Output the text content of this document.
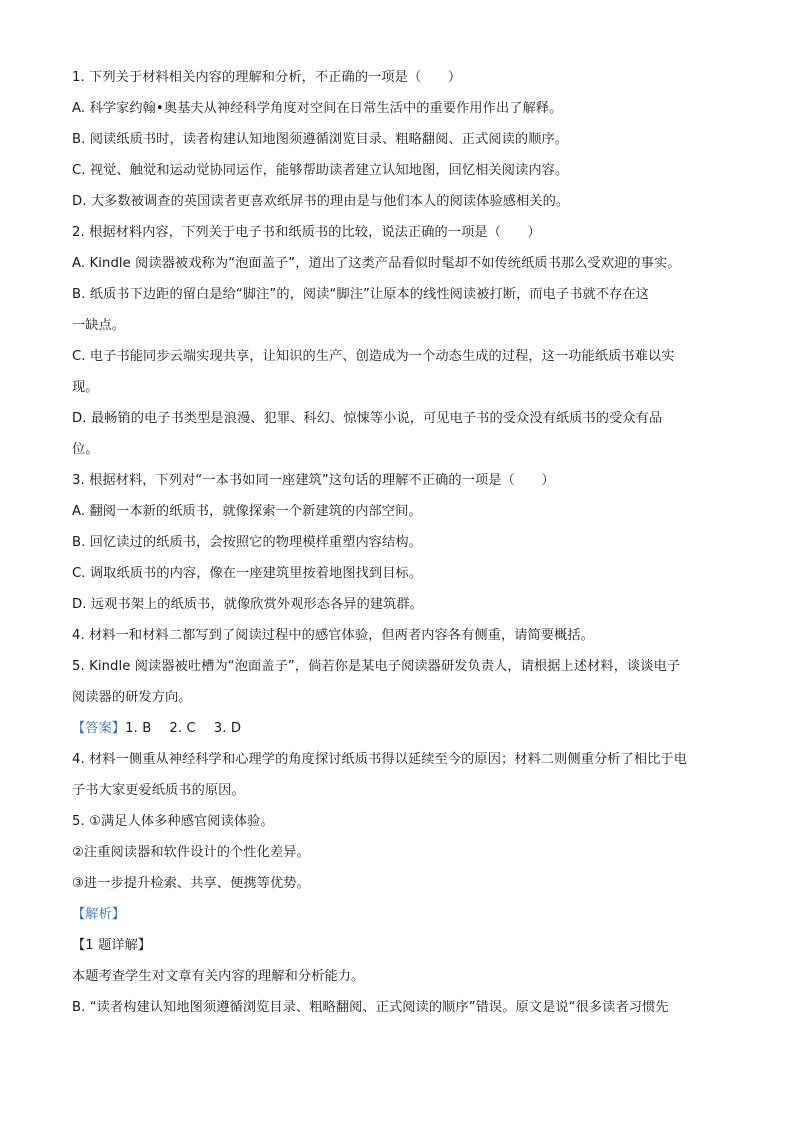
1. 下列关于材料相关内容的理解和分析，不正确的一项是（　　）
A. 科学家约翰•奥基夫从神经科学角度对空间在日常生活中的重要作用作出了解释。
B. 阅读纸质书时，读者构建认知地图须遵循浏览目录、粗略翻阅、正式阅读的顺序。
C. 视觉、触觉和运动觉协同运作，能够帮助读者建立认知地图，回忆相关阅读内容。
D. 大多数被调查的英国读者更喜欢纸屏书的理由是与他们本人的阅读体验感相关的。
2. 根据材料内容，下列关于电子书和纸质书的比较，说法正确的一项是（　　）
A. Kindle 阅读器被戏称为“泡面盖子”，道出了这类产品看似时髦却不如传统纸质书那么受欢迎的事实。
B. 纸质书下边距的留白是给“脚注”的，阅读“脚注”让原本的线性阅读被打断，而电子书就不存在这
一缺点。
C. 电子书能同步云端实现共享，让知识的生产、创造成为一个动态生成的过程，这一功能纸质书难以实
现。
D. 最畅销的电子书类型是浪漫、犯罪、科幻、惊悚等小说，可见电子书的受众没有纸质书的受众有品
位。
3. 根据材料，下列对“一本书如同一座建筑”这句话的理解不正确的一项是（　　）
A. 翻阅一本新的纸质书，就像探索一个新建筑的内部空间。
B. 回忆读过的纸质书，会按照它的物理模样重塑内容结构。
C. 调取纸质书的内容，像在一座建筑里按着地图找到目标。
D. 远观书架上的纸质书，就像欣赏外观形态各异的建筑群。
4. 材料一和材料二都写到了阅读过程中的感官体验，但两者内容各有侧重，请简要概括。
5. Kindle 阅读器被吐槽为“泡面盖子”，倘若你是某电子阅读器研发负责人，请根据上述材料，谈谈电子
阅读器的研发方向。
【答案】1. B 2. C 3. D
4. 材料一侧重从神经科学和心理学的角度探讨纸质书得以延续至今的原因；材料二则侧重分析了相比于电
子书大家更爱纸质书的原因。
5. ①满足人体多种感官阅读体验。
②注重阅读器和软件设计的个性化差异。
③进一步提升检索、共享、便携等优势。
【解析】
【1 题详解】
本题考查学生对文章有关内容的理解和分析能力。
B. “读者构建认知地图须遵循浏览目录、粗略翻阅、正式阅读的顺序”错误。原文是说“很多读者习惯先
